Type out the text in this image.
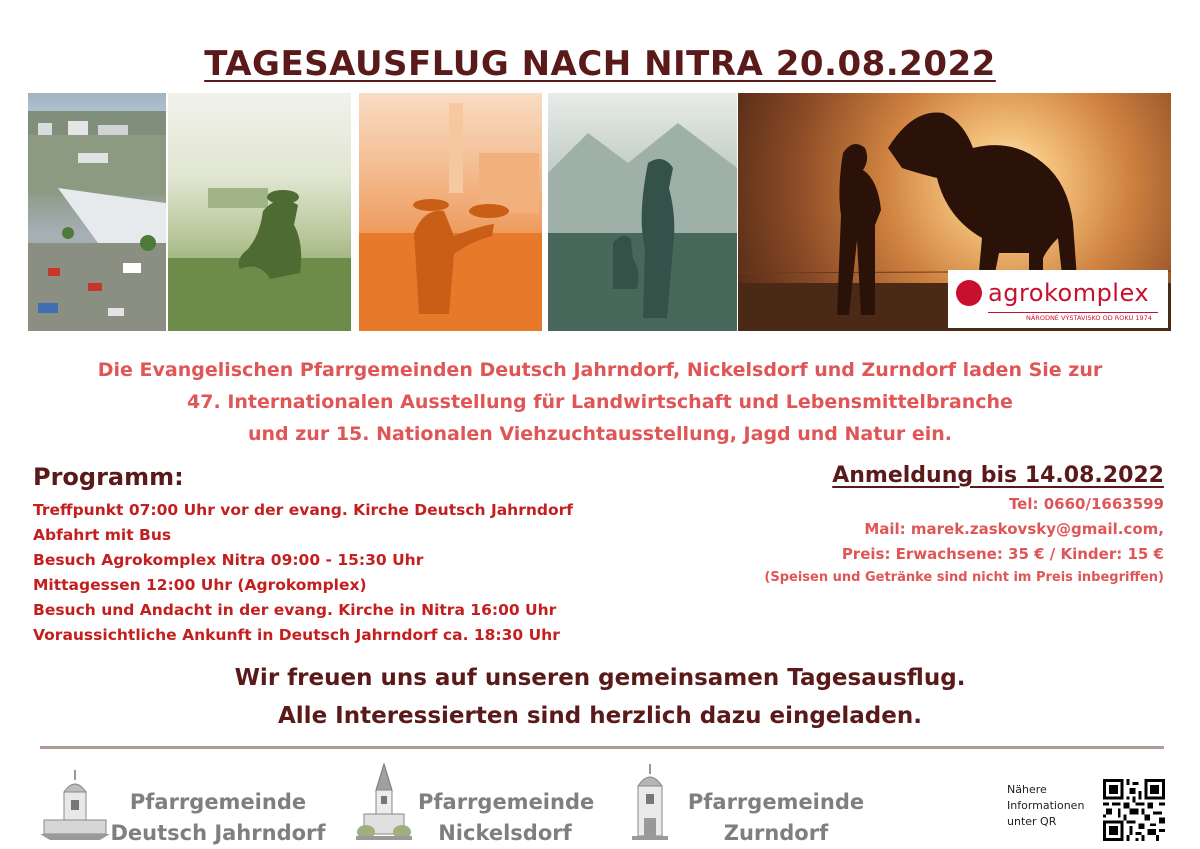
TAGESAUSFLUG NACH NITRA 20.08.2022
agrokomplex
NÁRODNÉ VÝSTAVISKO OD ROKU 1974
Die Evangelischen Pfarrgemeinden Deutsch Jahrndorf, Nickelsdorf und Zurndorf laden Sie zur
47. Internationalen Ausstellung für Landwirtschaft und Lebensmittelbranche
und zur 15. Nationalen Viehzuchtausstellung, Jagd und Natur ein.
Programm:
Treffpunkt 07:00 Uhr vor der evang. Kirche Deutsch Jahrndorf
Abfahrt mit Bus
Besuch Agrokomplex Nitra 09:00 - 15:30 Uhr
Mittagessen 12:00 Uhr (Agrokomplex)
Besuch und Andacht in der evang. Kirche in Nitra 16:00 Uhr
Voraussichtliche Ankunft in Deutsch Jahrndorf ca. 18:30 Uhr
Anmeldung bis 14.08.2022
Tel: 0660/1663599
Mail: marek.zaskovsky@gmail.com,
Preis: Erwachsene: 35 € / Kinder: 15 €
(Speisen und Getränke sind nicht im Preis inbegriffen)
Wir freuen uns auf unseren gemeinsamen Tagesausflug.
Alle Interessierten sind herzlich dazu eingeladen.
Pfarrgemeinde
Deutsch Jahrndorf
Pfarrgemeinde
Nickelsdorf
Pfarrgemeinde
Zurndorf
Nähere
Informationen
unter QR
